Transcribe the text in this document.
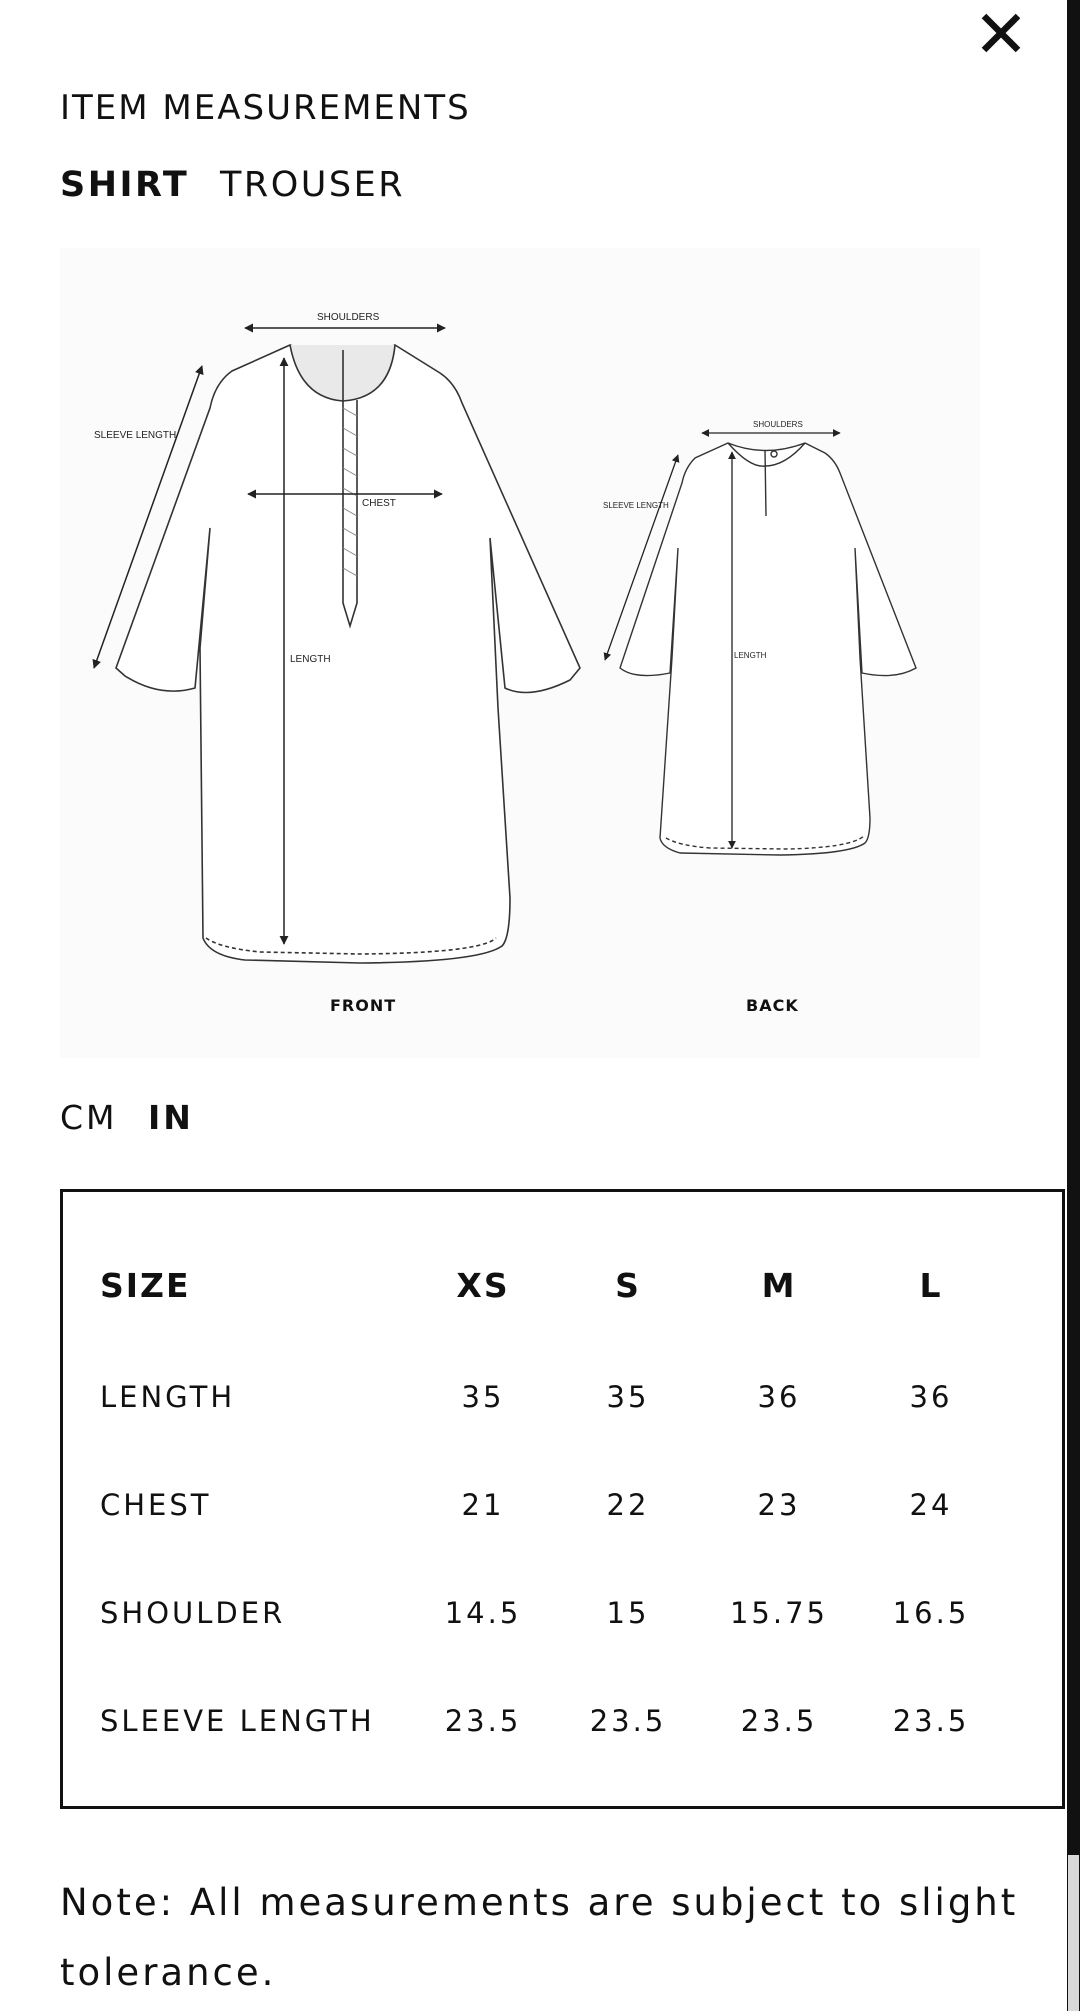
ITEM MEASUREMENTS
SHIRT TROUSER
SHOULDERS
SLEEVE LENGTH
CHEST
LENGTH
SHOULDERS
SLEEVE LENGTH
LENGTH
FRONT	BACK
CM IN
SIZE	XS	S	M	L
LENGTH	35	35	36	36
CHEST	21	22	23	24
SHOULDER	14.5	15	15.75	16.5
SLEEVE LENGTH	23.5	23.5	23.5	23.5
Note: All measurements are subject to slight tolerance.
